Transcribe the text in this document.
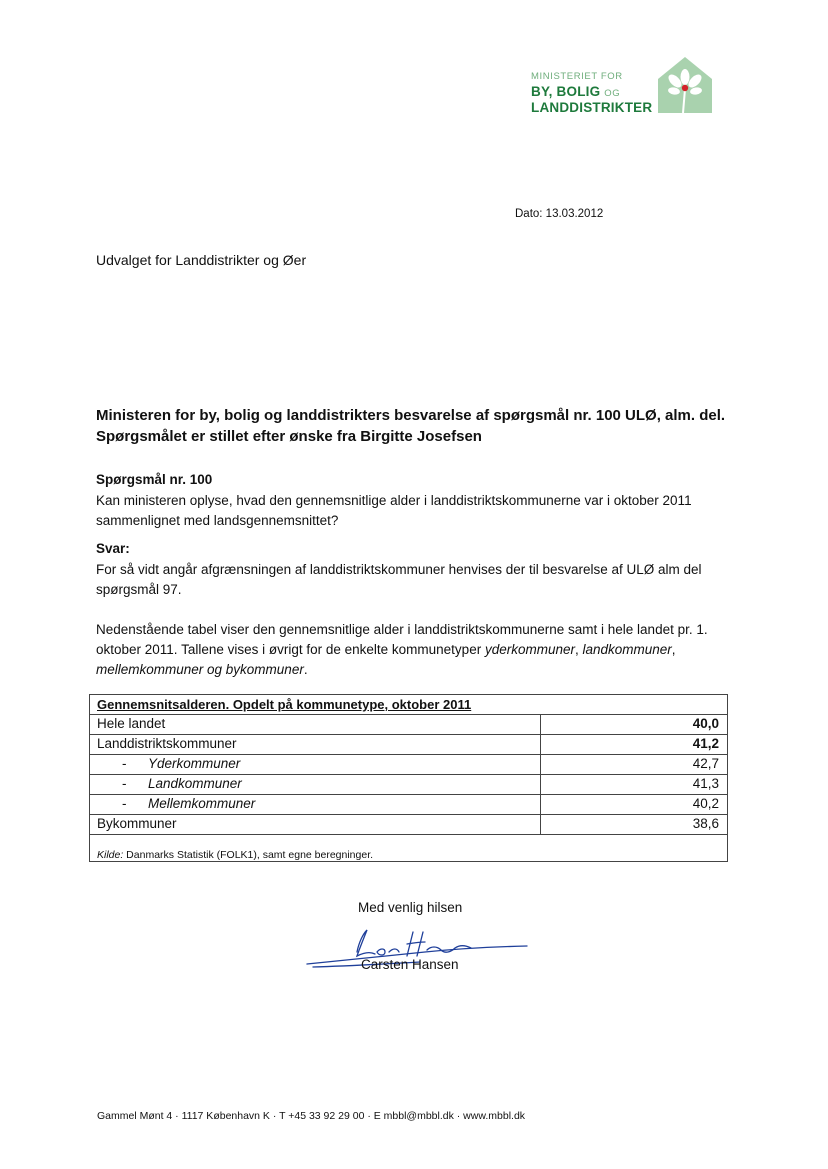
MINISTERIET FOR
BY, BOLIG OG
LANDDISTRIKTER
Dato: 13.03.2012
Udvalget for Landdistrikter og Øer
Ministeren for by, bolig og landdistrikters besvarelse af spørgsmål nr. 100 ULØ, alm. del. Spørgsmålet er stillet efter ønske fra Birgitte Josefsen
Spørgsmål nr. 100
Kan ministeren oplyse, hvad den gennemsnitlige alder i landdistriktskommunerne var i oktober 2011 sammenlignet med landsgennemsnittet?
Svar:
For så vidt angår afgrænsningen af landdistriktskommuner henvises der til besvarelse af ULØ alm del spørgsmål 97.
Nedenstående tabel viser den gennemsnitlige alder i landdistriktskommunerne samt i hele landet pr. 1. oktober 2011. Tallene vises i øvrigt for de enkelte kommunetyper yderkommuner, landkommuner, mellemkommuner og bykommuner.
Gennemsnitsalderen. Opdelt på kommunetype, oktober 2011
Hele landet	40,0
Landdistriktskommuner	41,2
- Yderkommuner	42,7
- Landkommuner	41,3
- Mellemkommuner	40,2
Bykommuner	38,6
Kilde: Danmarks Statistik (FOLK1), samt egne beregninger.
Med venlig hilsen
Carsten Hansen
Gammel Mønt 4 · 1117 København K · T +45 33 92 29 00 · E mbbl@mbbl.dk · www.mbbl.dk
